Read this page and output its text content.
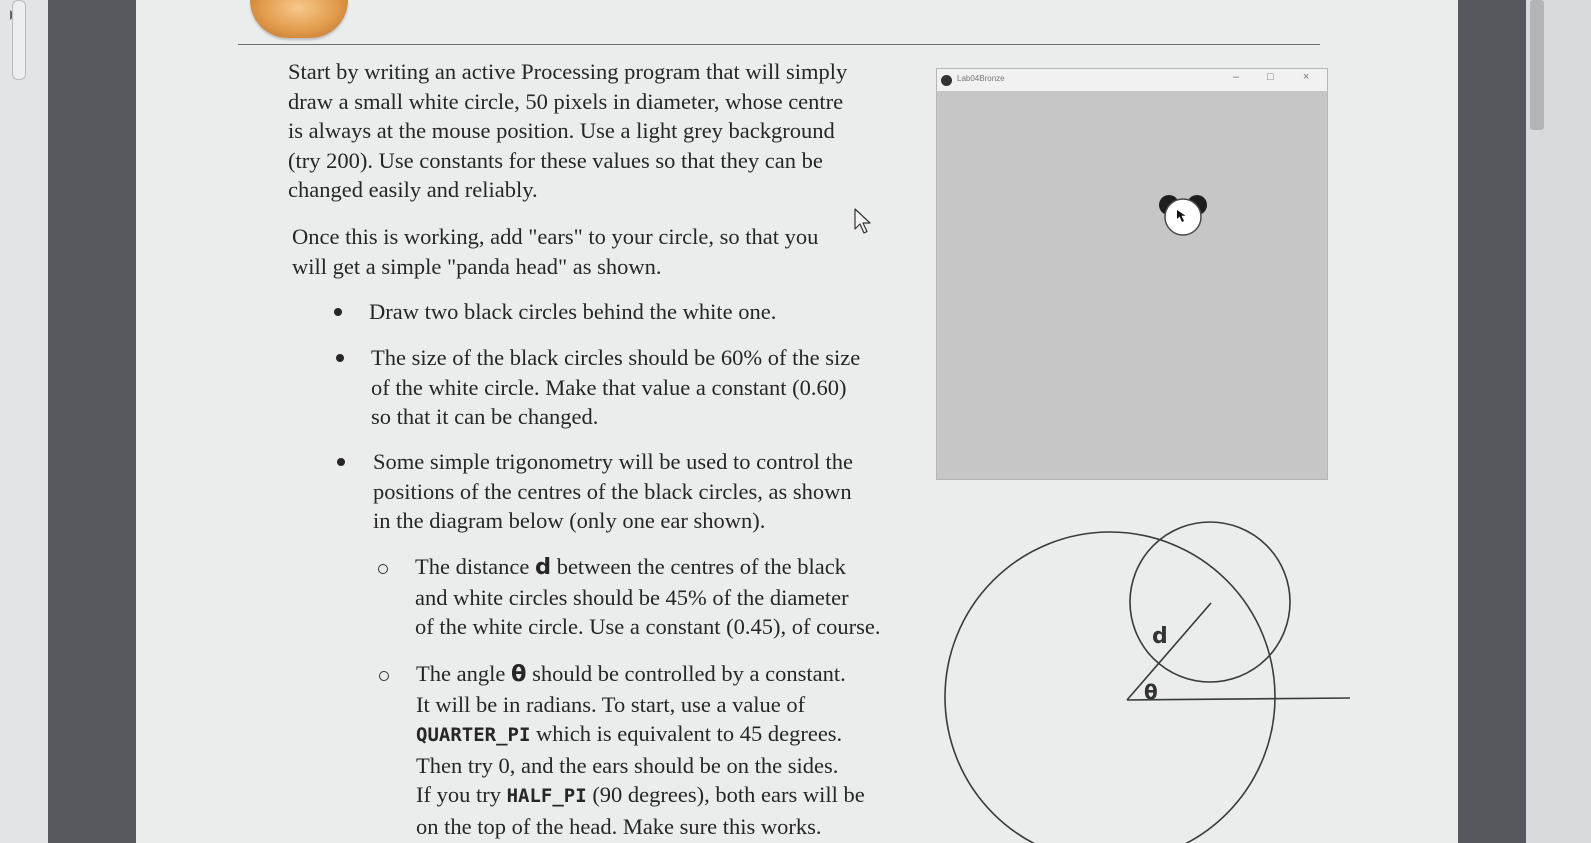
Start by writing an active Processing program that will simply
draw a small white circle, 50 pixels in diameter, whose centre
is always at the mouse position. Use a light grey background
(try 200). Use constants for these values so that they can be
changed easily and reliably.

Once this is working, add "ears" to your circle, so that you
will get a simple "panda head" as shown.

Draw two black circles behind the white one.

The size of the black circles should be 60% of the size
of the white circle. Make that value a constant (0.60)
so that it can be changed.

Some simple trigonometry will be used to control the
positions of the centres of the black circles, as shown
in the diagram below (only one ear shown).

The distance d between the centres of the black
and white circles should be 45% of the diameter
of the white circle. Use a constant (0.45), of course.

The angle θ should be controlled by a constant.
It will be in radians. To start, use a value of
QUARTER_PI which is equivalent to 45 degrees.
Then try 0, and the ears should be on the sides.
If you try HALF_PI (90 degrees), both ears will be
on the top of the head. Make sure this works.

Lab04Bronze	–	□	×
d
θ
